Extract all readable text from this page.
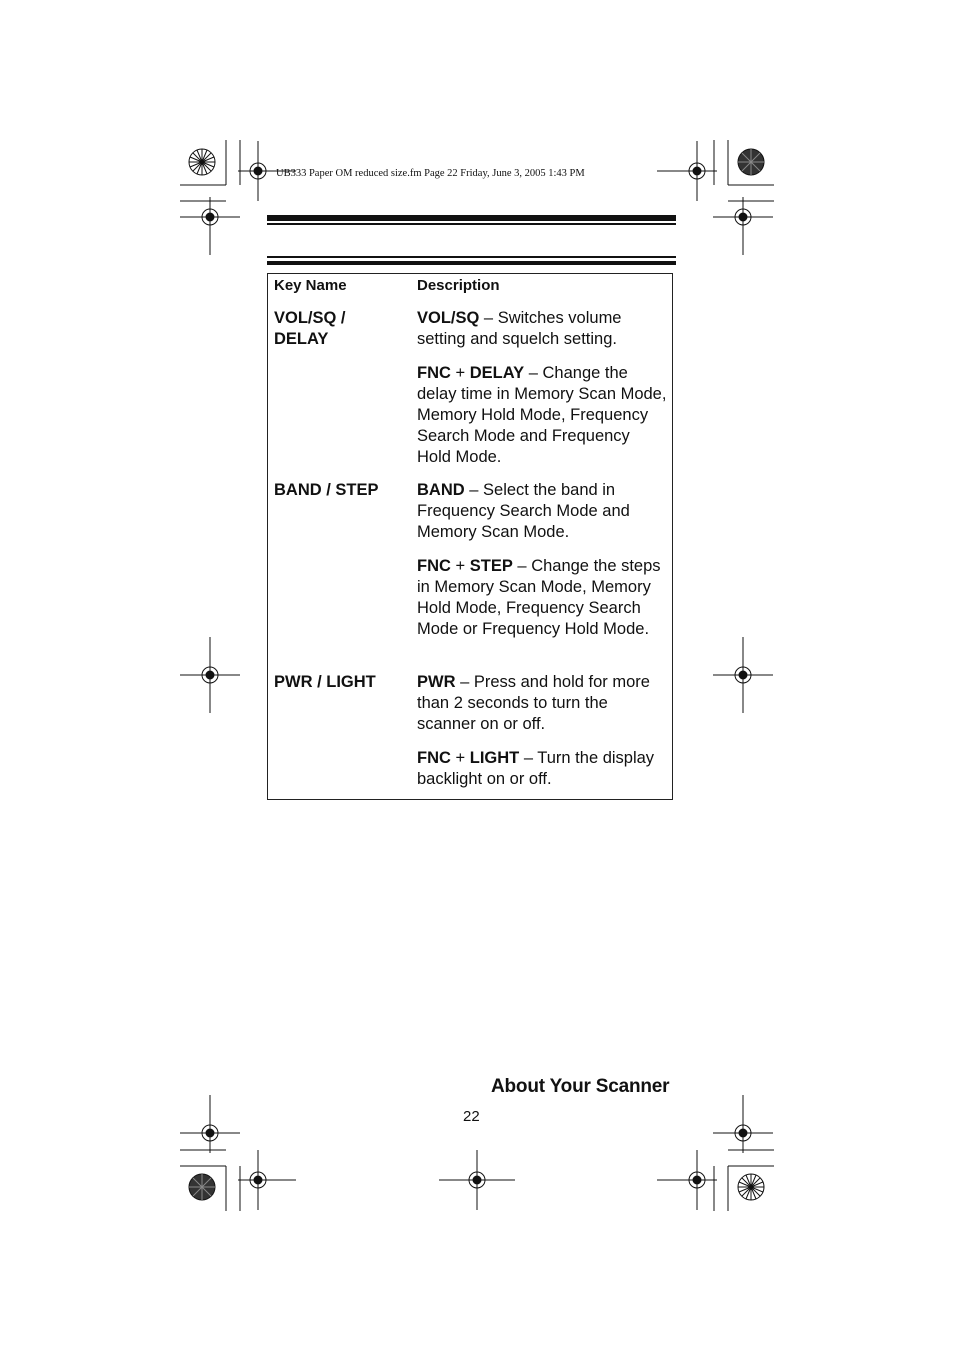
UB333 Paper OM reduced size.fm Page 22 Friday, June 3, 2005 1:43 PM
Key Name	Description
VOL/SQ /
DELAY
VOL/SQ – Switches volume setting and squelch setting.
FNC + DELAY – Change the delay time in Memory Scan Mode, Memory Hold Mode, Frequency Search Mode and Frequency Hold Mode.
BAND / STEP BAND – Select the band in Frequency Search Mode and Memory Scan Mode.
FNC + STEP – Change the steps in Memory Scan Mode, Memory Hold Mode, Frequency Search Mode or Frequency Hold Mode.
PWR / LIGHT	PWR – Press and hold for more than 2 seconds to turn the scanner on or off.
FNC + LIGHT – Turn the display backlight on or off.
About Your Scanner
22
